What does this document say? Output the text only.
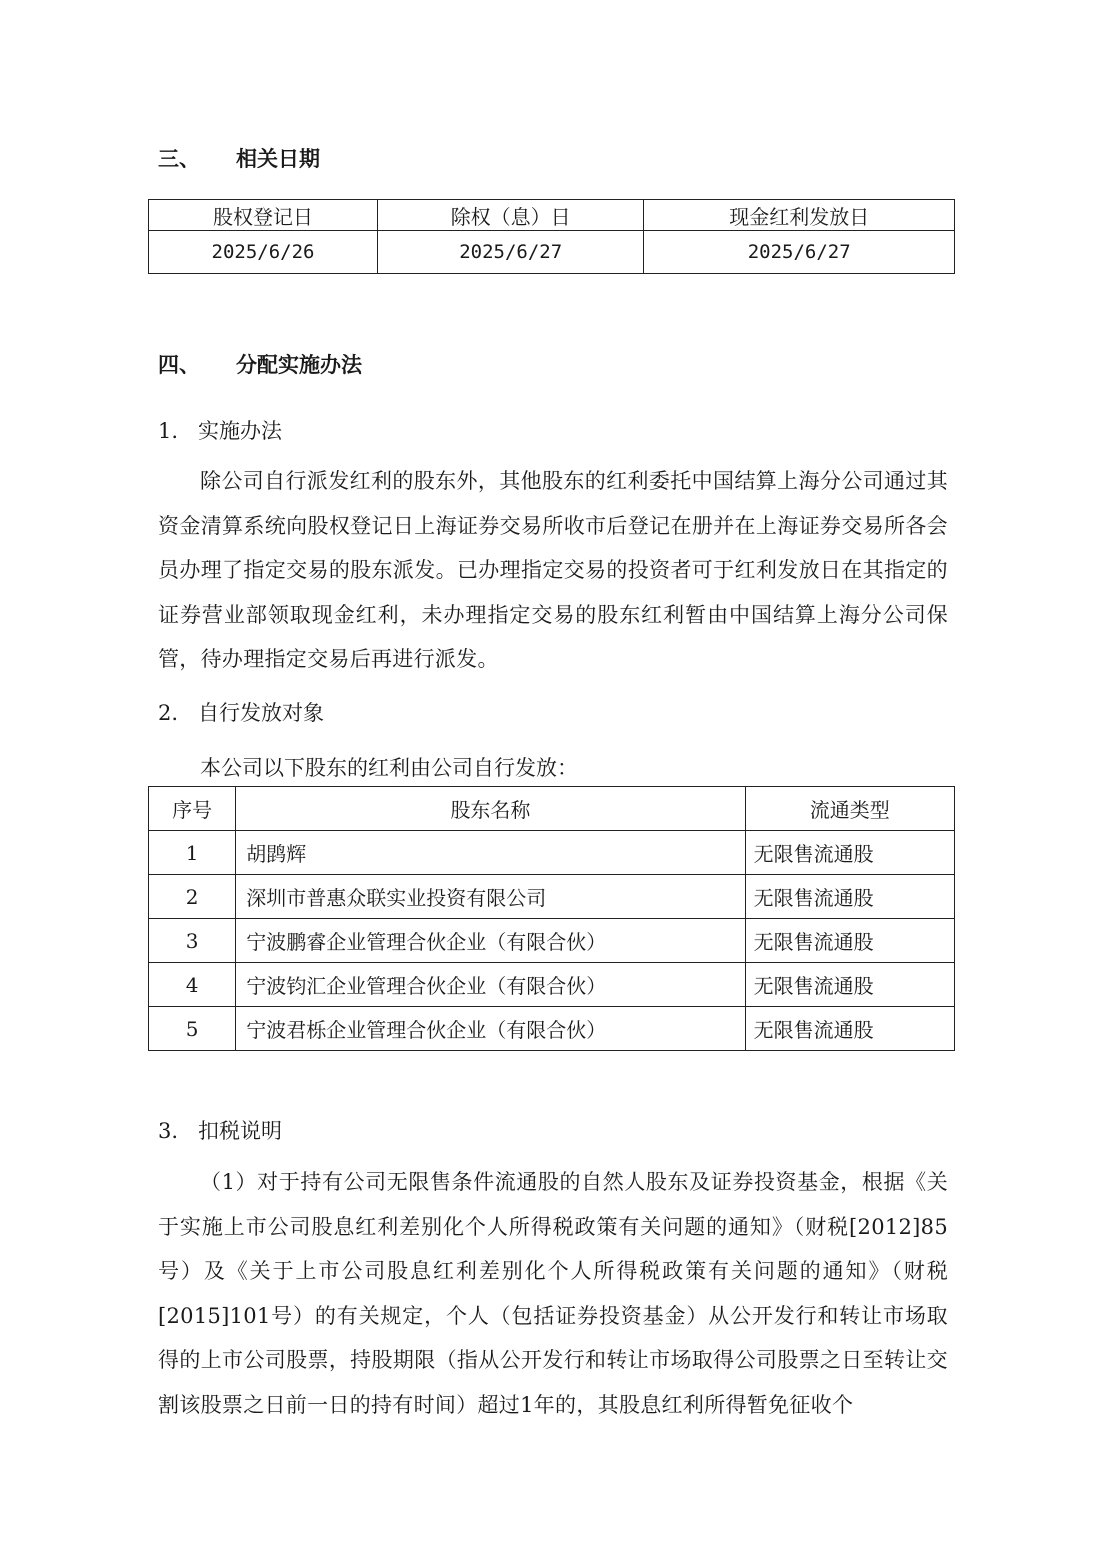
三、 相关日期
股权登记日	除权（息）日	现金红利发放日
2025/6/26	2025/6/27	2025/6/27
四、 分配实施办法
1. 实施办法

除公司自行派发红利的股东外，其他股东的红利委托中国结算上海分公司通过其资金清算系统向股权登记日上海证券交易所收市后登记在册并在上海证券交易所各会员办理了指定交易的股东派发。已办理指定交易的投资者可于红利发放日在其指定的证券营业部领取现金红利，未办理指定交易的股东红利暂由中国结算上海分公司保管，待办理指定交易后再进行派发。

2. 自行发放对象
本公司以下股东的红利由公司自行发放：
序号	股东名称	流通类型
1	胡鹍辉	无限售流通股
2	深圳市普惠众联实业投资有限公司	无限售流通股
3	宁波鹏睿企业管理合伙企业（有限合伙）	无限售流通股
4	宁波钧汇企业管理合伙企业（有限合伙）	无限售流通股
5	宁波君栎企业管理合伙企业（有限合伙）	无限售流通股
3. 扣税说明

（1）对于持有公司无限售条件流通股的自然人股东及证券投资基金，根据《关于实施上市公司股息红利差别化个人所得税政策有关问题的通知》（财税[2012]85号）及《关于上市公司股息红利差别化个人所得税政策有关问题的通知》（财税[2015]101号）的有关规定，个人（包括证券投资基金）从公开发行和转让市场取得的上市公司股票，持股期限（指从公开发行和转让市场取得公司股票之日至转让交割该股票之日前一日的持有时间）超过1年的，其股息红利所得暂免征收个
